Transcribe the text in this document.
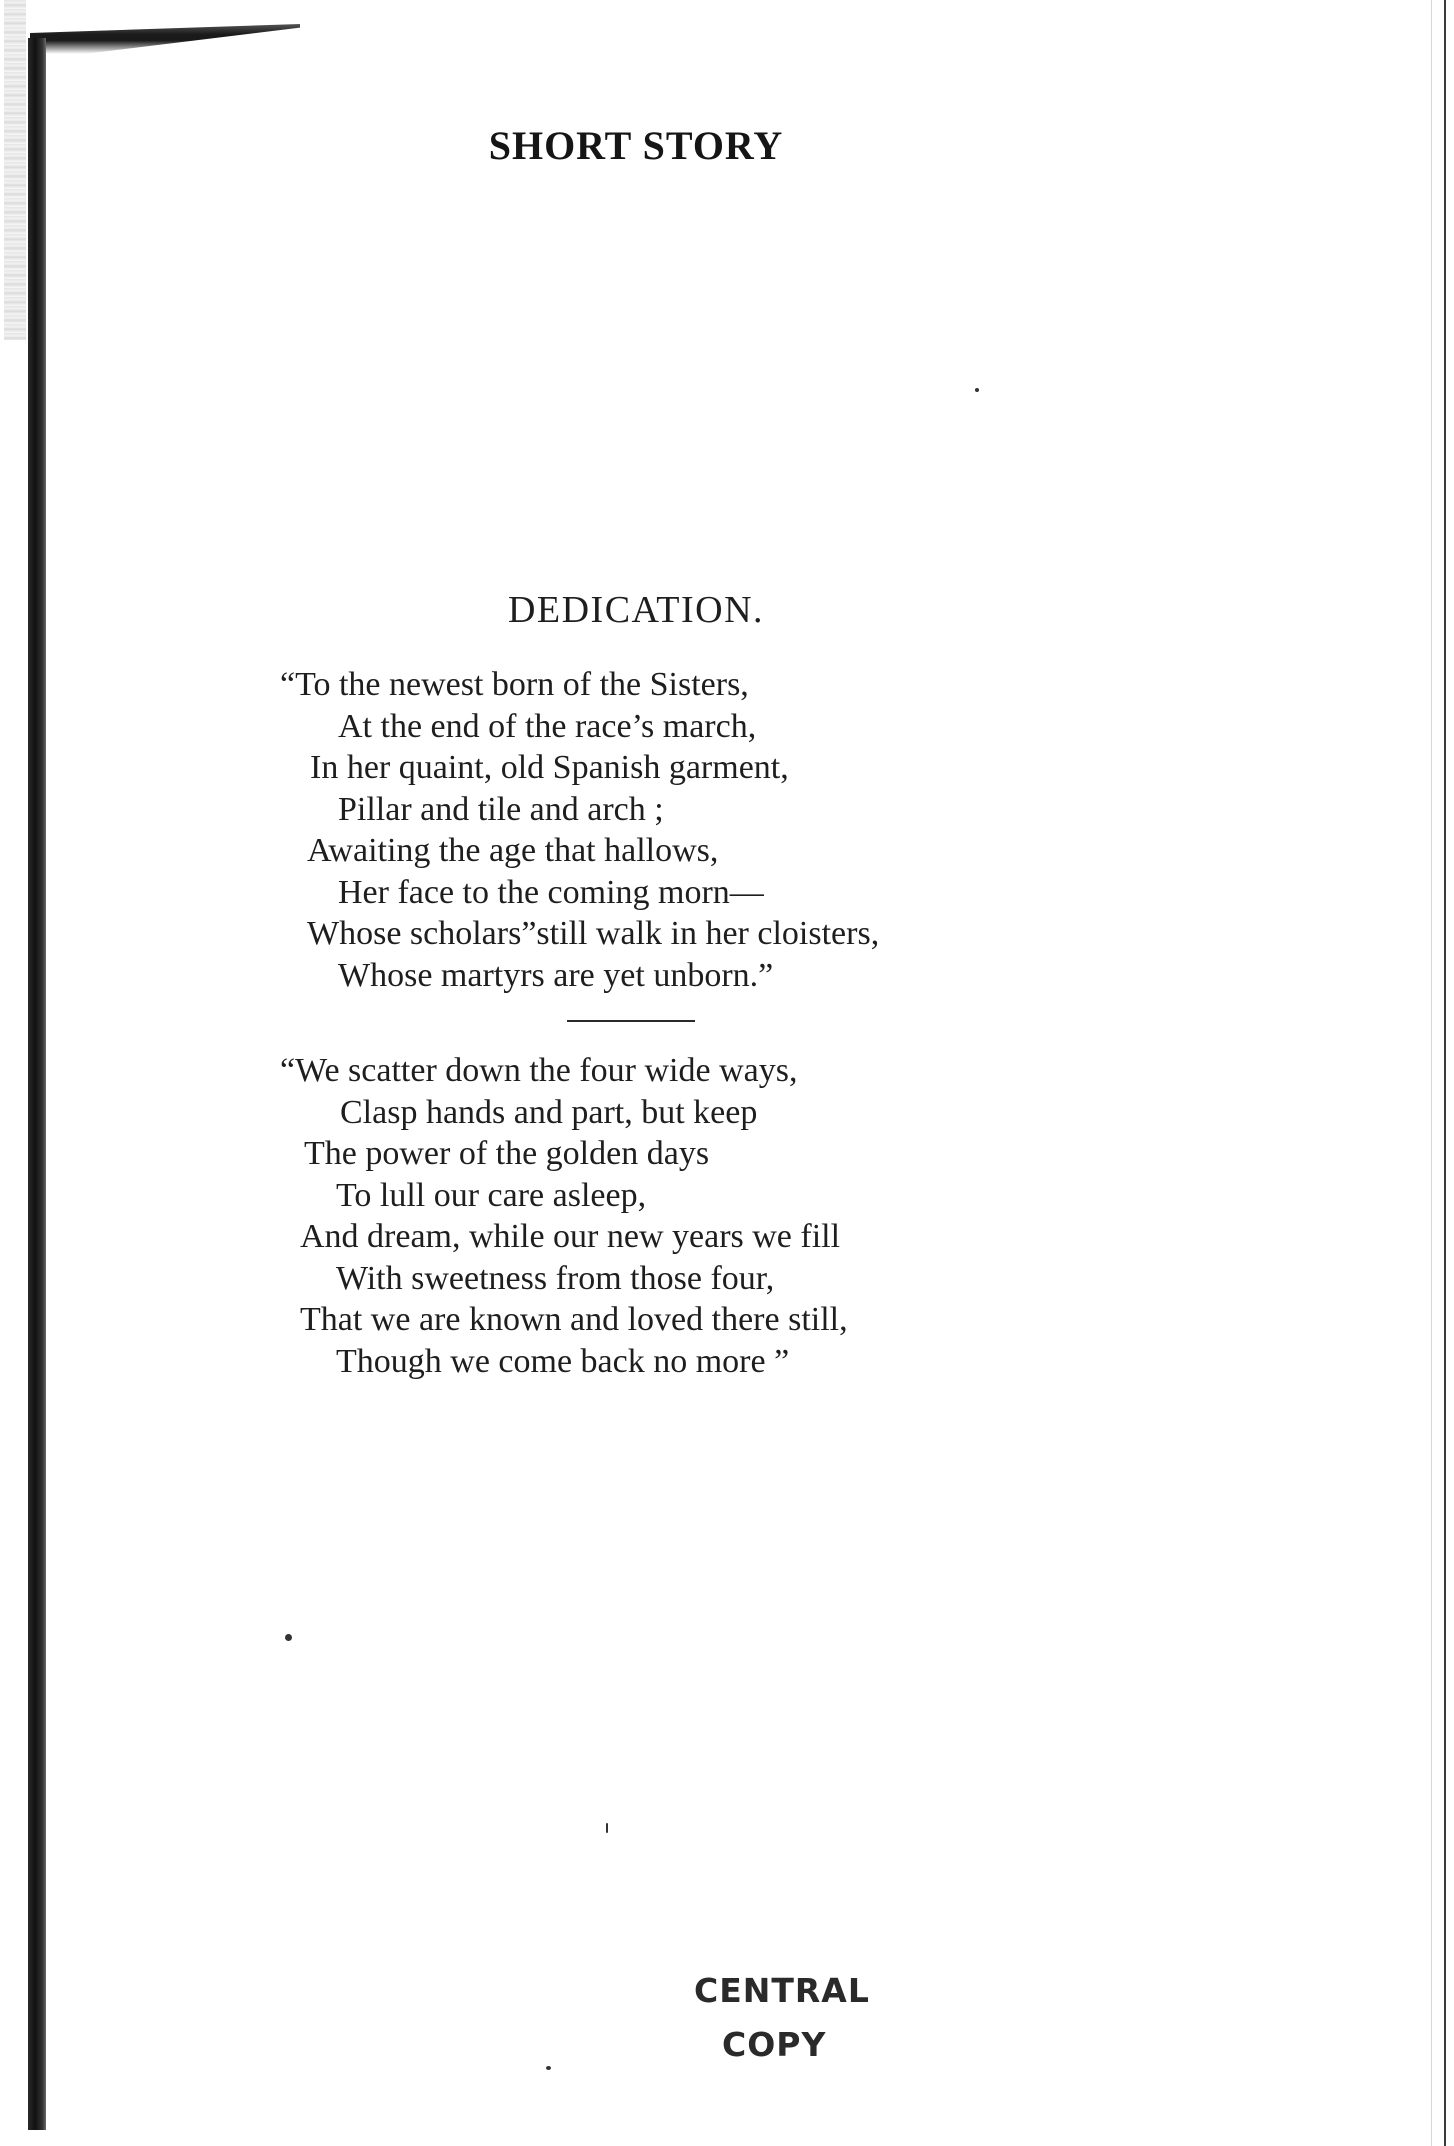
SHORT STORY
DEDICATION.
“To the newest born of the Sisters,
At the end of the race’s march,
In her quaint, old Spanish garment,
Pillar and tile and arch ;
Awaiting the age that hallows,
Her face to the coming morn—
Whose scholars”still walk in her cloisters,
Whose martyrs are yet unborn.”
“We scatter down the four wide ways,
Clasp hands and part, but keep
The power of the golden days
To lull our care asleep,
And dream, while our new years we fill
With sweetness from those four,
That we are known and loved there still,
Though we come back no more ”
CENTRAL
COPY
